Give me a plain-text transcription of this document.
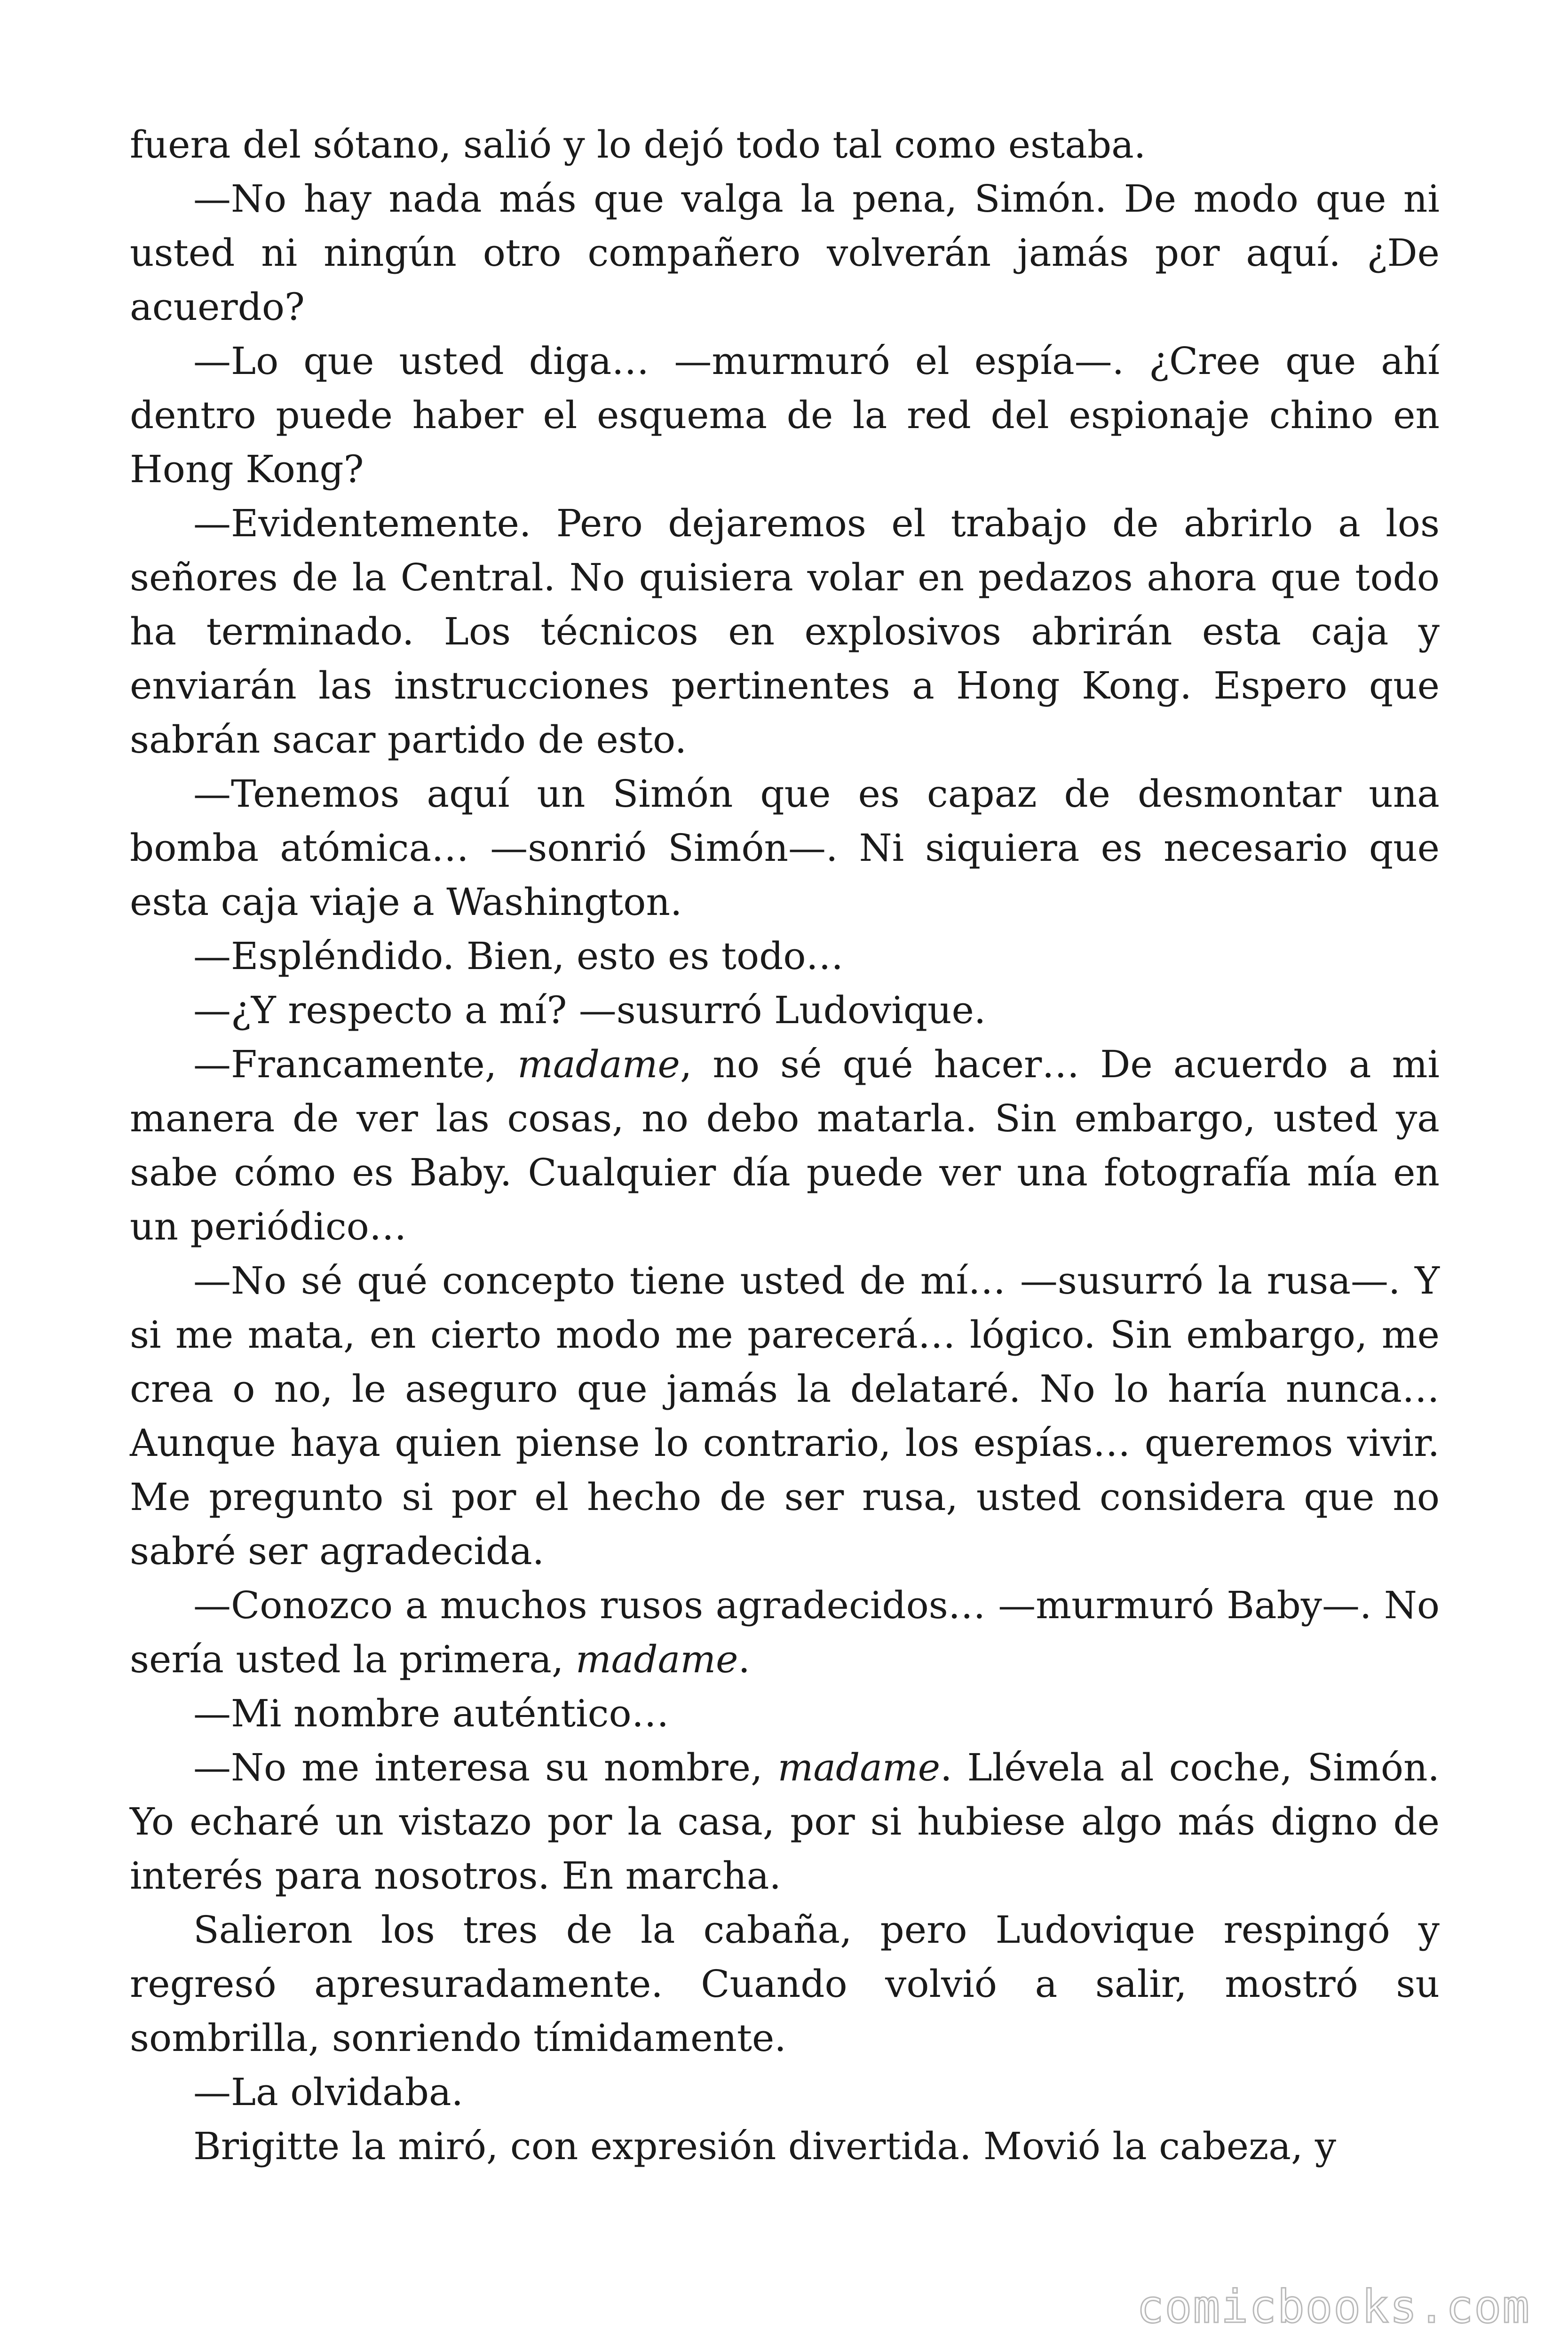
fuera del sótano, salió y lo dejó todo tal como estaba.

—No hay nada más que valga la pena, Simón. De modo que ni usted ni ningún otro compañero volverán jamás por aquí. ¿De acuerdo?

—Lo que usted diga… —murmuró el espía—. ¿Cree que ahí dentro puede haber el esquema de la red del espionaje chino en Hong Kong?

—Evidentemente. Pero dejaremos el trabajo de abrirlo a los señores de la Central. No quisiera volar en pedazos ahora que todo ha terminado. Los técnicos en explosivos abrirán esta caja y enviarán las instrucciones pertinentes a Hong Kong. Espero que sabrán sacar partido de esto.

—Tenemos aquí un Simón que es capaz de desmontar una bomba atómica… —sonrió Simón—. Ni siquiera es necesario que esta caja viaje a Washington.

—Espléndido. Bien, esto es todo…

—¿Y respecto a mí? —susurró Ludovique.

—Francamente, madame, no sé qué hacer… De acuerdo a mi manera de ver las cosas, no debo matarla. Sin embargo, usted ya sabe cómo es Baby. Cualquier día puede ver una fotografía mía en un periódico…

—No sé qué concepto tiene usted de mí… —susurró la rusa—. Y si me mata, en cierto modo me parecerá… lógico. Sin embargo, me crea o no, le aseguro que jamás la delataré. No lo haría nunca… Aunque haya quien piense lo contrario, los espías… queremos vivir. Me pregunto si por el hecho de ser rusa, usted considera que no sabré ser agradecida.

—Conozco a muchos rusos agradecidos… —murmuró Baby—. No sería usted la primera, madame.

—Mi nombre auténtico…

—No me interesa su nombre, madame. Llévela al coche, Simón. Yo echaré un vistazo por la casa, por si hubiese algo más digno de interés para nosotros. En marcha.

Salieron los tres de la cabaña, pero Ludovique respingó y regresó apresuradamente. Cuando volvió a salir, mostró su sombrilla, sonriendo tímidamente.

—La olvidaba.

Brigitte la miró, con expresión divertida. Movió la cabeza, y

comicbooks.com
